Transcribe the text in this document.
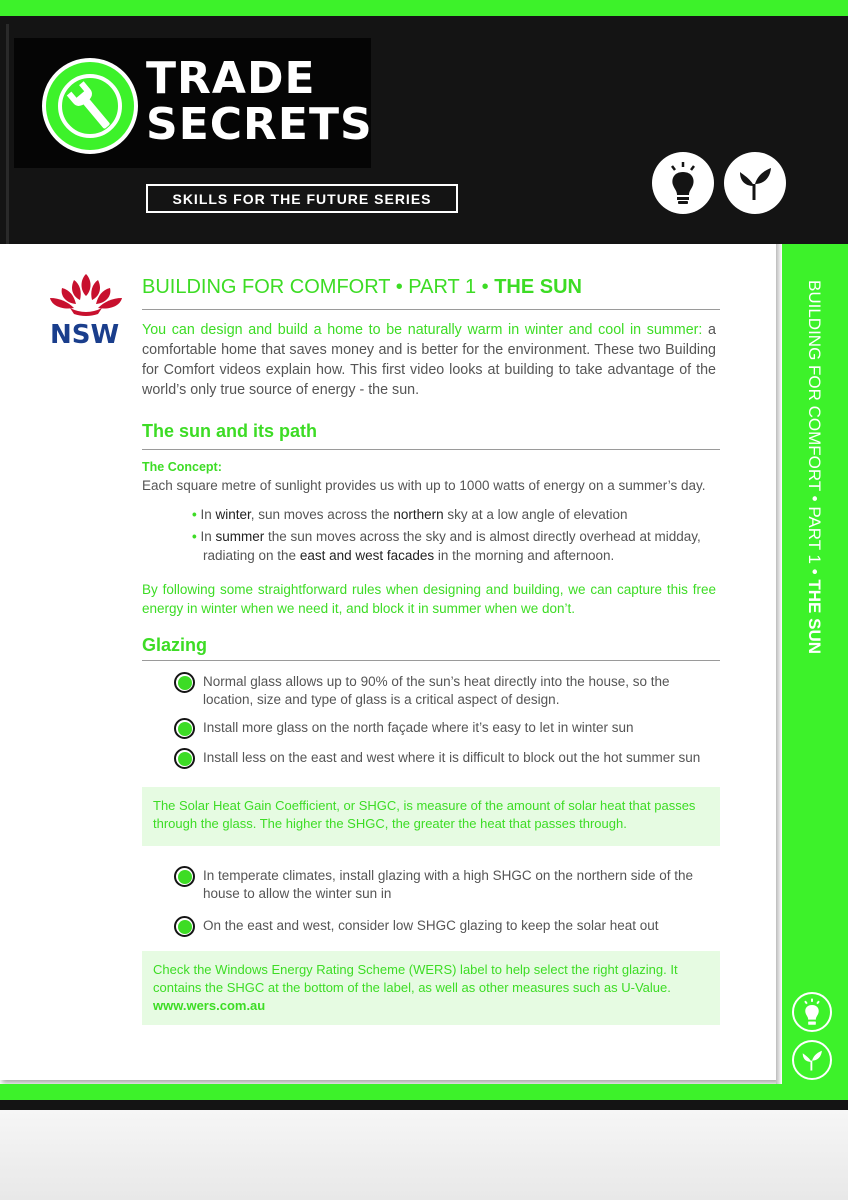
TRADE
SECRETS
SKILLS FOR THE FUTURE SERIES
BUILDING FOR COMFORT • PART 1 • THE SUN
NSW
BUILDING FOR COMFORT • PART 1 • THE SUN
You can design and build a home to be naturally warm in winter and cool in summer: a comfortable home that saves money and is better for the environment. These two Building for Comfort videos explain how. This first video looks at building to take advantage of the world’s only true source of energy - the sun.
The sun and its path
The Concept:
Each square metre of sunlight provides us with up to 1000 watts of energy on a summer’s day.
• In winter, sun moves across the northern sky at a low angle of elevation
• In summer the sun moves across the sky and is almost directly overhead at midday, radiating on the east and west facades in the morning and afternoon.
By following some straightforward rules when designing and building, we can capture this free energy in winter when we need it, and block it in summer when we don’t.
Glazing
Normal glass allows up to 90% of the sun’s heat directly into the house, so the location, size and type of glass is a critical aspect of design.
Install more glass on the north façade where it’s easy to let in winter sun
Install less on the east and west where it is difficult to block out the hot summer sun
The Solar Heat Gain Coefficient, or SHGC, is measure of the amount of solar heat that passes through the glass. The higher the SHGC, the greater the heat that passes through.
In temperate climates, install glazing with a high SHGC on the northern side of the house to allow the winter sun in
On the east and west, consider low SHGC glazing to keep the solar heat out
Check the Windows Energy Rating Scheme (WERS) label to help select the right glazing. It contains the SHGC at the bottom of the label, as well as other measures such as U-Value. www.wers.com.au
